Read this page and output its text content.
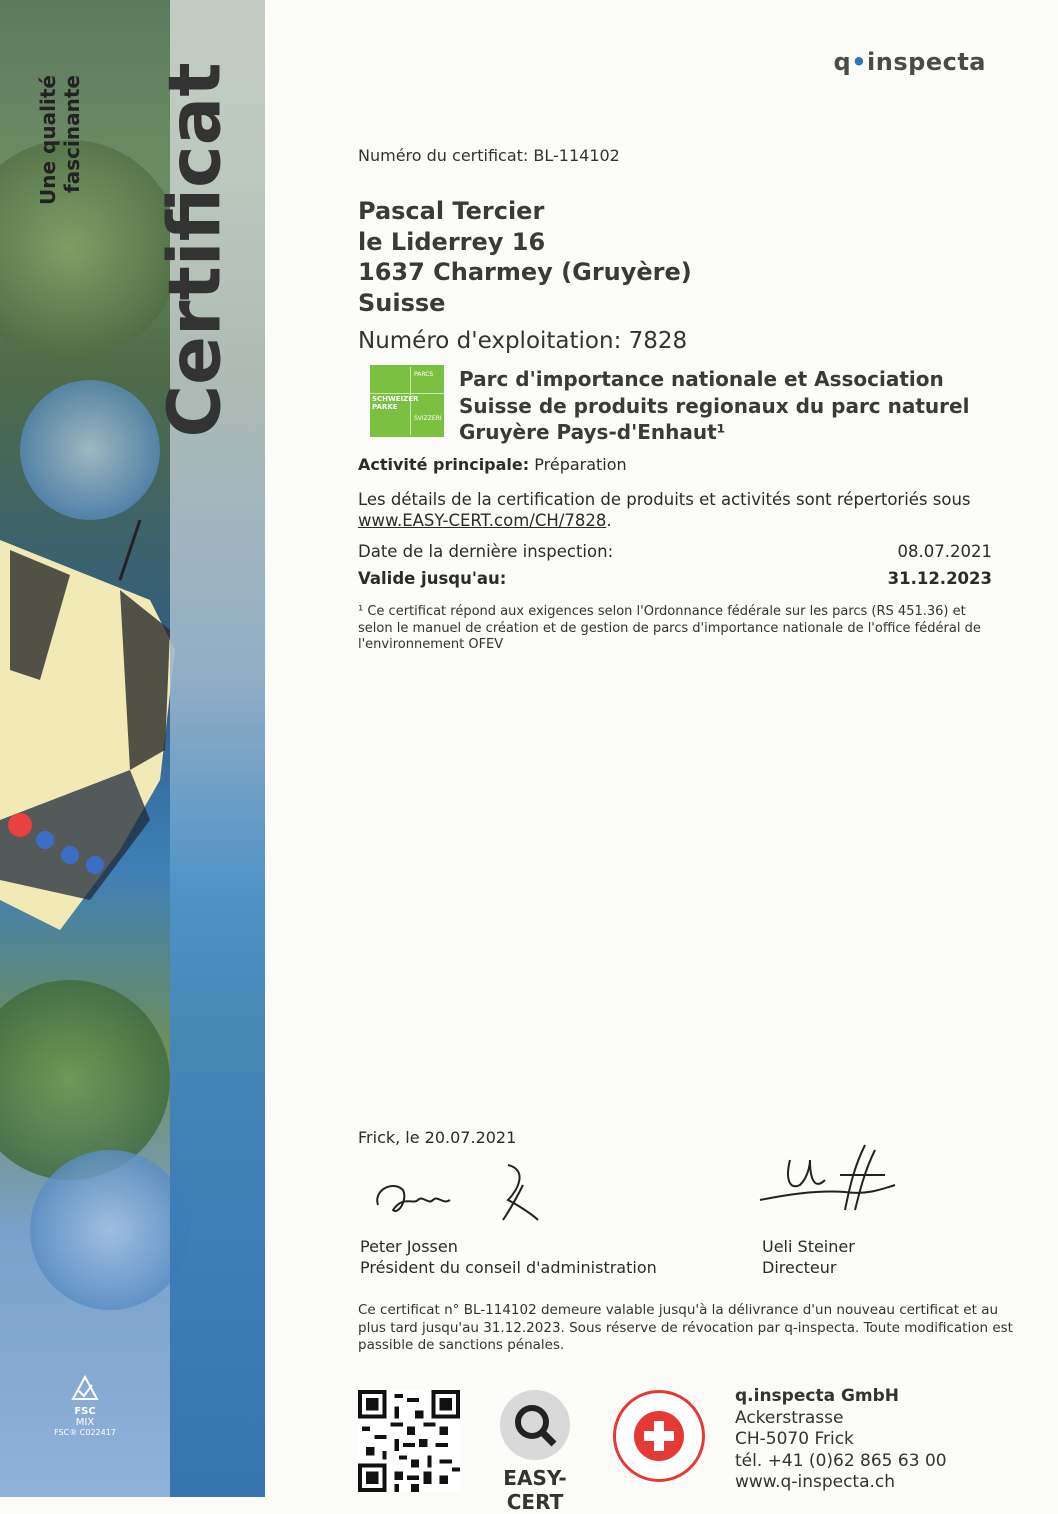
FSC
MIX
FSC® C022417
Une qualité fascinante Certificat
q•inspecta
Numéro du certificat: BL-114102
Pascal Tercier
le Liderrey 16
1637 Charmey (Gruyère)
Suisse
Numéro d'exploitation: 7828
SCHWEIZER PARKE
PARCS
SVIZZERI
Parc d'importance nationale et Association
Suisse de produits regionaux du parc naturel
Gruyère Pays-d'Enhaut¹
Activité principale: Préparation
Les détails de la certification de produits et activités sont répertoriés sous www.EASY-CERT.com/CH/7828.
Date de la dernière inspection:	08.07.2021
Valide jusqu'au:	31.12.2023
¹ Ce certificat répond aux exigences selon l'Ordonnance fédérale sur les parcs (RS 451.36) et selon le manuel de création et de gestion de parcs d'importance nationale de l'office fédéral de l'environnement OFEV
Frick, le 20.07.2021
Peter Jossen
Président du conseil d'administration
Ueli Steiner
Directeur
Ce certificat n° BL-114102 demeure valable jusqu'à la délivrance d'un nouveau certificat et au plus tard jusqu'au 31.12.2023. Sous réserve de révocation par q-inspecta. Toute modification est passible de sanctions pénales.
EASY-CERT
q.inspecta GmbH
Ackerstrasse
CH-5070 Frick
tél. +41 (0)62 865 63 00
www.q-inspecta.ch
